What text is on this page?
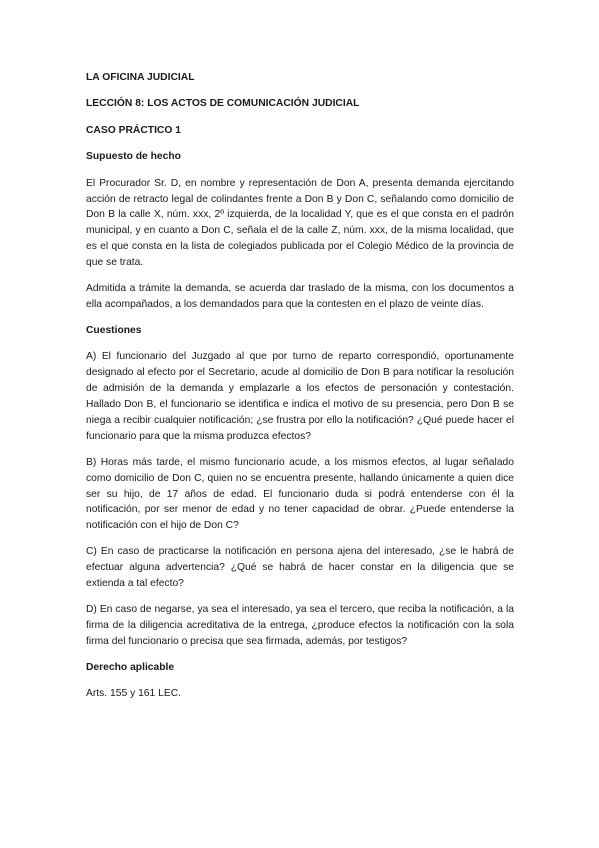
LA OFICINA JUDICIAL
LECCIÓN 8: LOS ACTOS DE COMUNICACIÓN JUDICIAL
CASO PRÁCTICO 1
Supuesto de hecho
El Procurador Sr. D, en nombre y representación de Don A, presenta demanda ejercitando acción de retracto legal de colindantes frente a Don B y Don C, señalando como domicilio de Don B la calle X, núm. xxx, 2º izquierda, de la localidad Y, que es el que consta en el padrón municipal, y en cuanto a Don C, señala el de la calle Z, núm. xxx, de la misma localidad, que es el que consta en la lista de colegiados publicada por el Colegio Médico de la provincia de que se trata.
Admitida a trámite la demanda, se acuerda dar traslado de la misma, con los documentos a ella acompañados, a los demandados para que la contesten en el plazo de veinte días.
Cuestiones
A) El funcionario del Juzgado al que por turno de reparto correspondió, oportunamente designado al efecto por el Secretario, acude al domicilio de Don B para notificar la resolución de admisión de la demanda y emplazarle a los efectos de personación y contestación. Hallado Don B, el funcionario se identifica e indica el motivo de su presencia, pero Don B se niega a recibir cualquier notificación; ¿se frustra por ello la notificación? ¿Qué puede hacer el funcionario para que la misma produzca efectos?
B) Horas más tarde, el mismo funcionario acude, a los mismos efectos, al lugar señalado como domicilio de Don C, quien no se encuentra presente, hallando únicamente a quien dice ser su hijo, de 17 años de edad. El funcionario duda si podrá entenderse con él la notificación, por ser menor de edad y no tener capacidad de obrar. ¿Puede entenderse la notificación con el hijo de Don C?
C) En caso de practicarse la notificación en persona ajena del interesado, ¿se le habrá de efectuar alguna advertencia? ¿Qué se habrá de hacer constar en la diligencia que se extienda a tal efecto?
D) En caso de negarse, ya sea el interesado, ya sea el tercero, que reciba la notificación, a la firma de la diligencia acreditativa de la entrega, ¿produce efectos la notificación con la sola firma del funcionario o precisa que sea firmada, además, por testigos?
Derecho aplicable
Arts. 155 y 161 LEC.
